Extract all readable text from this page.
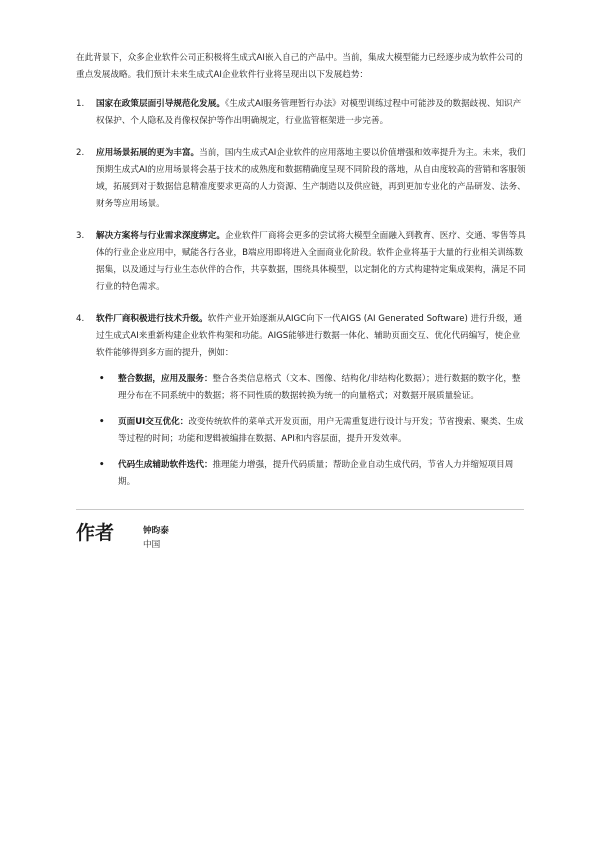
在此背景下，众多企业软件公司正积极将生成式AI嵌入自己的产品中。当前，集成大模型能力已经逐步成为软件公司的重点发展战略。我们预计未来生成式AI企业软件行业将呈现出以下发展趋势：

1. 国家在政策层面引导规范化发展。《生成式AI服务管理暂行办法》对模型训练过程中可能涉及的数据歧视、知识产权保护、个人隐私及肖像权保护等作出明确规定，行业监管框架进一步完善。
2. 应用场景拓展的更为丰富。当前，国内生成式AI企业软件的应用落地主要以价值增强和效率提升为主。未来，我们预期生成式AI的应用场景将会基于技术的成熟度和数据精确度呈现不同阶段的落地，从自由度较高的营销和客服领域，拓展到对于数据信息精准度要求更高的人力资源、生产制造以及供应链，再到更加专业化的产品研发、法务、财务等应用场景。
3. 解决方案将与行业需求深度绑定。企业软件厂商将会更多的尝试将大模型全面融入到教育、医疗、交通、零售等具体的行业企业应用中，赋能各行各业，B端应用即将进入全面商业化阶段。软件企业将基于大量的行业相关训练数据集，以及通过与行业生态伙伴的合作，共享数据，围绕具体模型，以定制化的方式构建特定集成架构，满足不同行业的特色需求。
4. 软件厂商积极进行技术升级。软件产业开始逐渐从AIGC向下一代AIGS (AI Generated Software) 进行升级，通过生成式AI来重新构建企业软件构架和功能。AIGS能够进行数据一体化、辅助页面交互、优化代码编写，使企业软件能够得到多方面的提升，例如：
• 整合数据，应用及服务：整合各类信息格式（文本、图像、结构化/非结构化数据）；进行数据的数字化，整理分布在不同系统中的数据；将不同性质的数据转换为统一的向量格式；对数据开展质量验证。
• 页面UI交互优化：改变传统软件的菜单式开发页面，用户无需重复进行设计与开发；节省搜索、聚类、生成等过程的时间；功能和逻辑被编排在数据、API和内容层面，提升开发效率。
• 代码生成辅助软件迭代：推理能力增强，提升代码质量；帮助企业自动生成代码，节省人力并缩短项目周期。
作者	钟昀泰
中国
